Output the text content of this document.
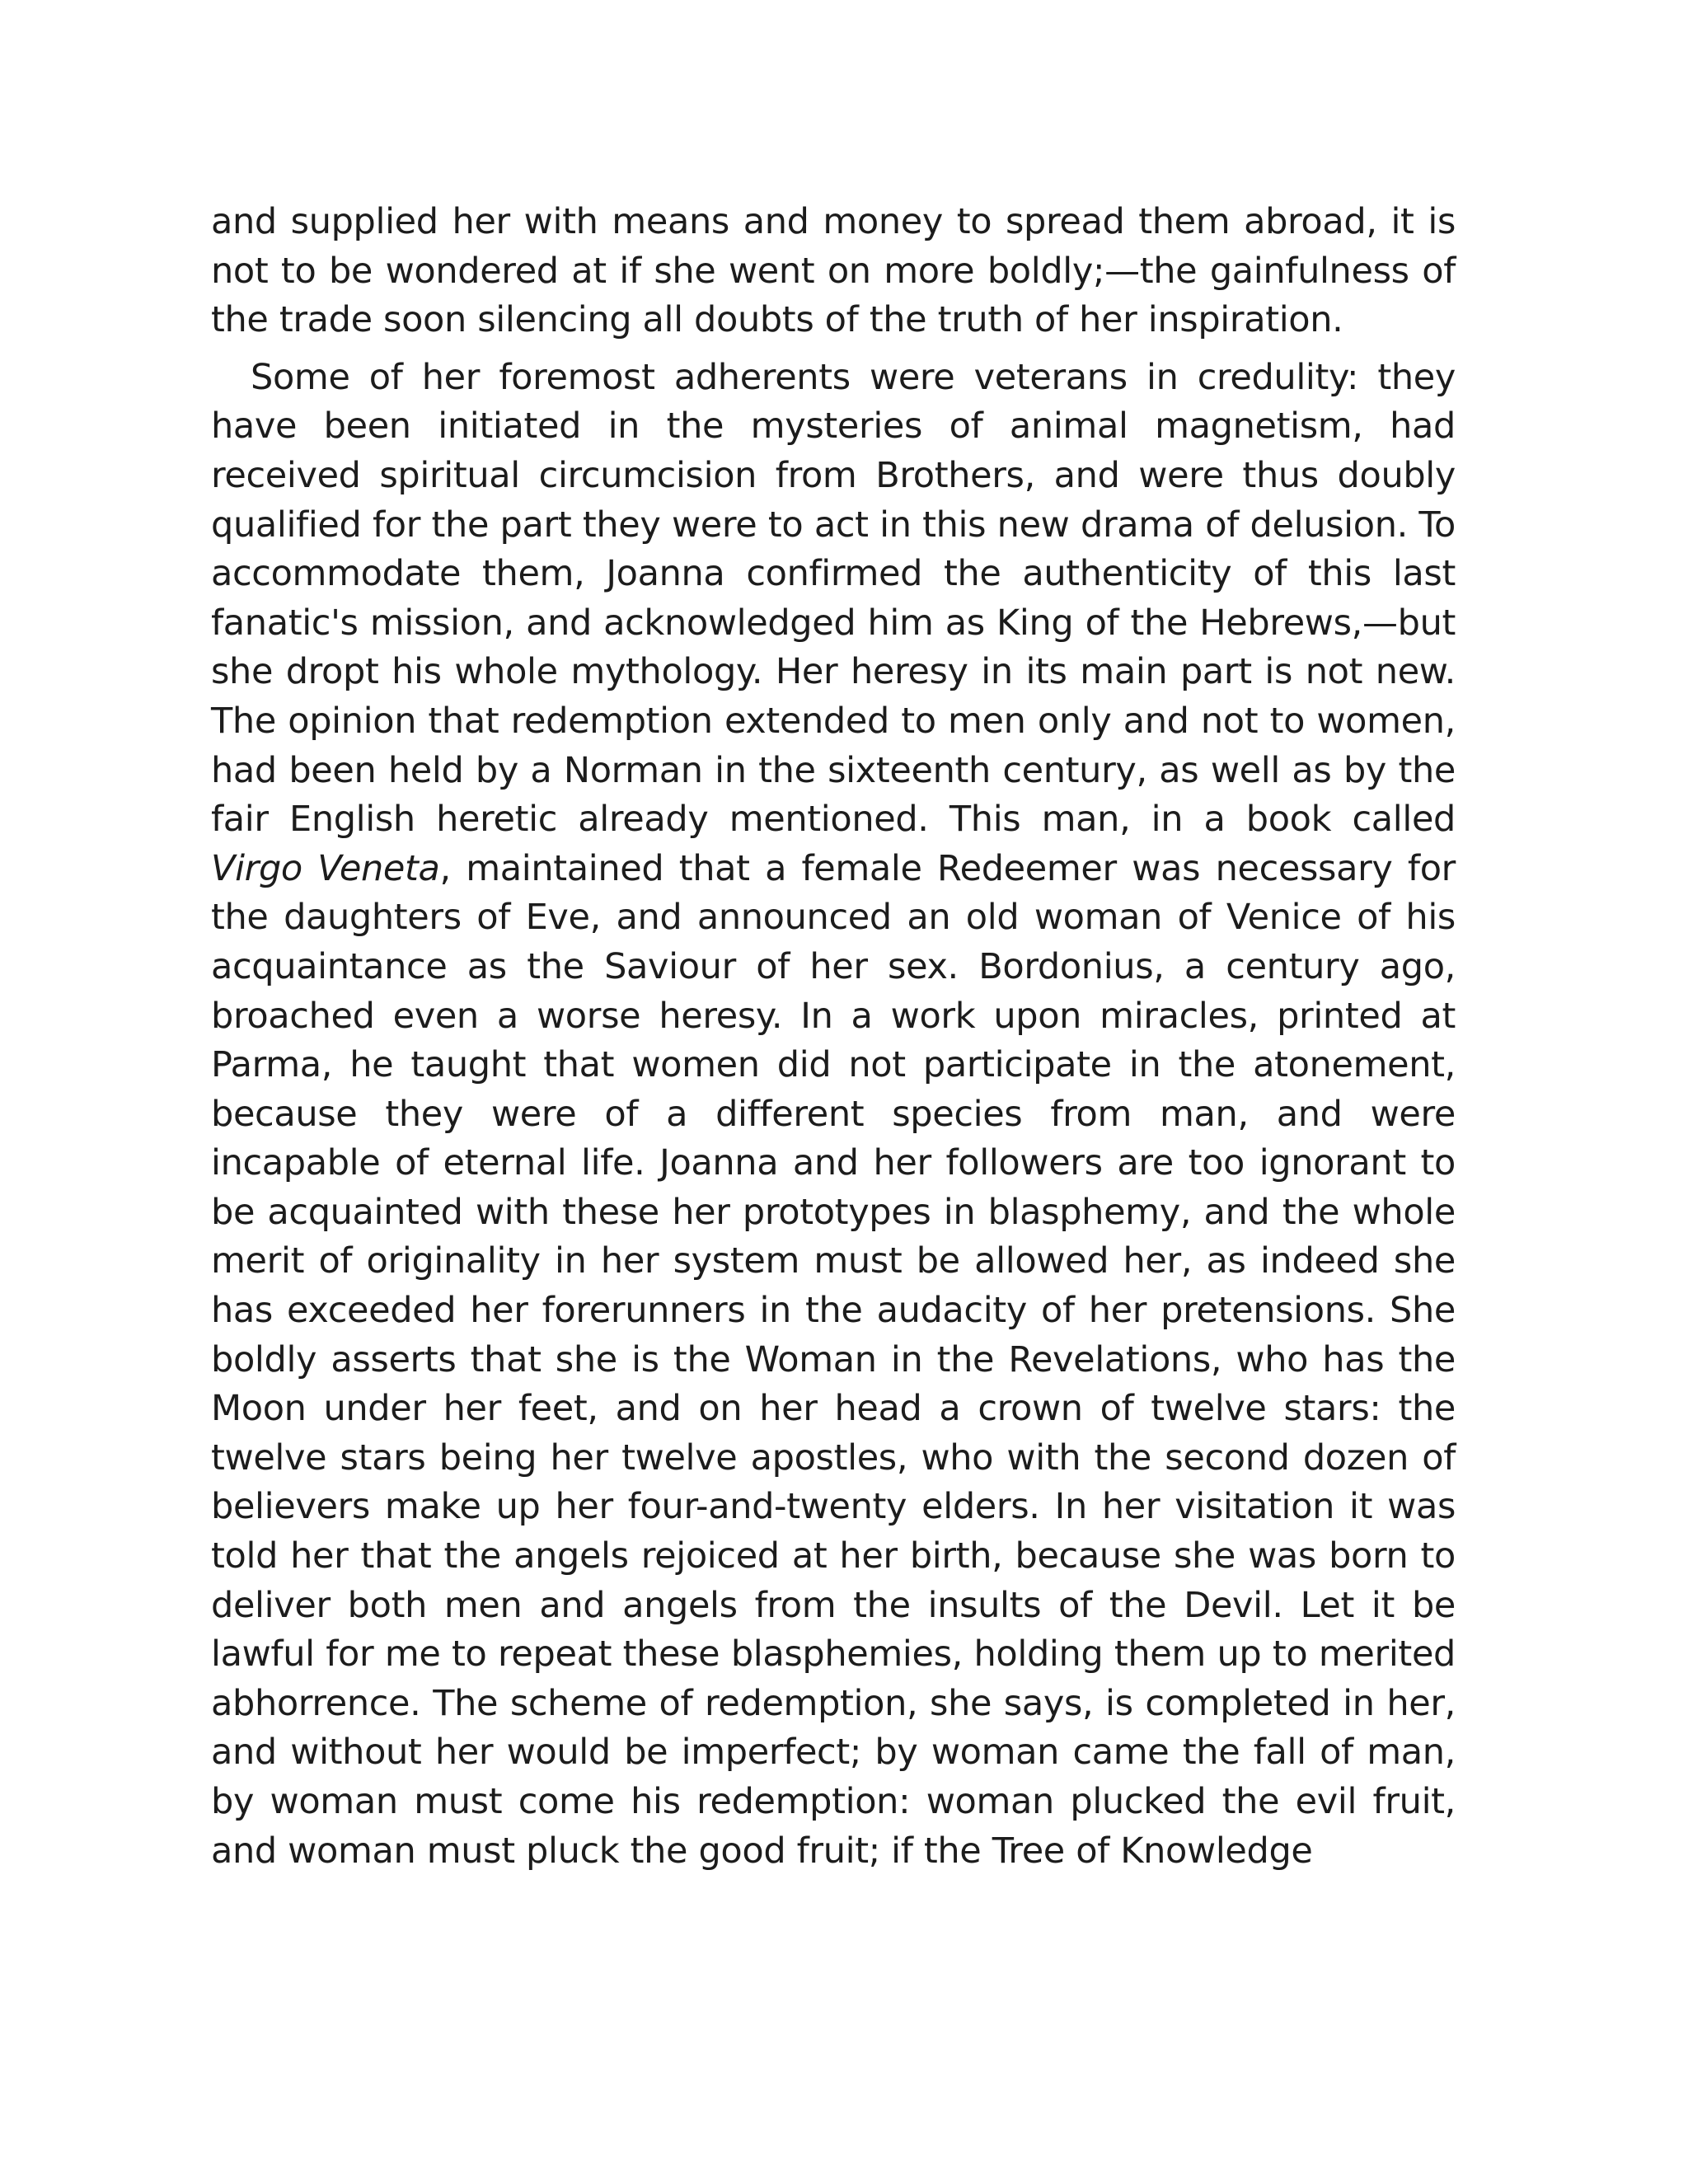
and supplied her with means and money to spread them abroad, it is not to be wondered at if she went on more boldly;—the gainfulness of the trade soon silencing all doubts of the truth of her inspiration.

Some of her foremost adherents were veterans in credulity: they have been initiated in the mysteries of animal magnetism, had received spiritual circumcision from Brothers, and were thus doubly qualified for the part they were to act in this new drama of delusion. To accommodate them, Joanna confirmed the authenticity of this last fanatic's mission, and acknowledged him as King of the Hebrews,—but she dropt his whole mythology. Her heresy in its main part is not new. The opinion that redemption extended to men only and not to women, had been held by a Norman in the sixteenth century, as well as by the fair English heretic already mentioned. This man, in a book called Virgo Veneta, maintained that a female Redeemer was necessary for the daughters of Eve, and announced an old woman of Venice of his acquaintance as the Saviour of her sex. Bordonius, a century ago, broached even a worse heresy. In a work upon miracles, printed at Parma, he taught that women did not participate in the atonement, because they were of a different species from man, and were incapable of eternal life. Joanna and her followers are too ignorant to be acquainted with these her prototypes in blasphemy, and the whole merit of originality in her system must be allowed her, as indeed she has exceeded her forerunners in the audacity of her pretensions. She boldly asserts that she is the Woman in the Revelations, who has the Moon under her feet, and on her head a crown of twelve stars: the twelve stars being her twelve apostles, who with the second dozen of believers make up her four-and-twenty elders. In her visitation it was told her that the angels rejoiced at her birth, because she was born to deliver both men and angels from the insults of the Devil. Let it be lawful for me to repeat these blasphemies, holding them up to merited abhorrence. The scheme of redemption, she says, is completed in her, and without her would be imperfect; by woman came the fall of man, by woman must come his redemption: woman plucked the evil fruit, and woman must pluck the good fruit; if the Tree of Knowledge
